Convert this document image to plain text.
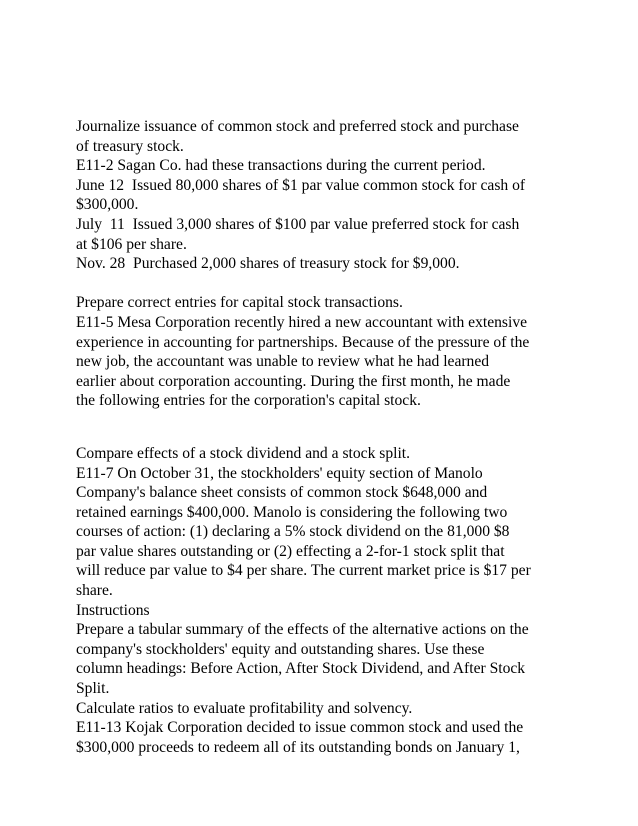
Journalize issuance of common stock and preferred stock and purchase
of treasury stock.
E11-2 Sagan Co. had these transactions during the current period.
June 12  Issued 80,000 shares of $1 par value common stock for cash of
$300,000.
July  11  Issued 3,000 shares of $100 par value preferred stock for cash
at $106 per share.
Nov. 28  Purchased 2,000 shares of treasury stock for $9,000.
Prepare correct entries for capital stock transactions.
E11-5 Mesa Corporation recently hired a new accountant with extensive
experience in accounting for partnerships. Because of the pressure of the
new job, the accountant was unable to review what he had learned
earlier about corporation accounting. During the first month, he made
the following entries for the corporation's capital stock.
Compare effects of a stock dividend and a stock split.
E11-7 On October 31, the stockholders' equity section of Manolo
Company's balance sheet consists of common stock $648,000 and
retained earnings $400,000. Manolo is considering the following two
courses of action: (1) declaring a 5% stock dividend on the 81,000 $8
par value shares outstanding or (2) effecting a 2-for-1 stock split that
will reduce par value to $4 per share. The current market price is $17 per
share.
Instructions
Prepare a tabular summary of the effects of the alternative actions on the
company's stockholders' equity and outstanding shares. Use these
column headings: Before Action, After Stock Dividend, and After Stock
Split.
Calculate ratios to evaluate profitability and solvency.
E11-13 Kojak Corporation decided to issue common stock and used the
$300,000 proceeds to redeem all of its outstanding bonds on January 1,
